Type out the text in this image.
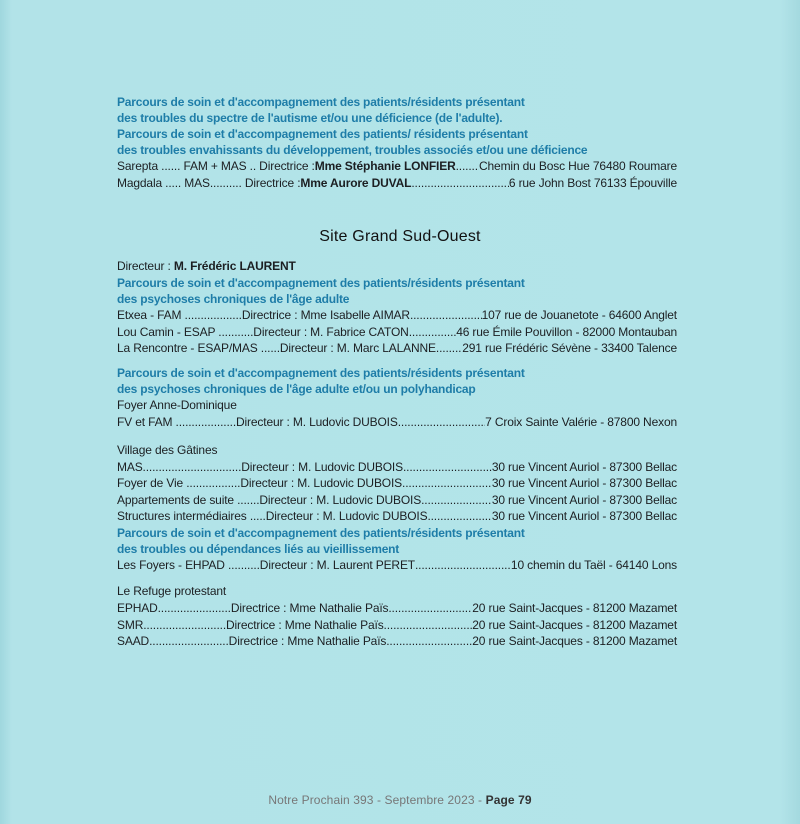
Parcours de soin et d'accompagnement des patients/résidents présentant

des troubles du spectre de l'autisme et/ou une déficience (de l'adulte).

Parcours de soin et d'accompagnement des patients/ résidents présentant

des troubles envahissants du développement, troubles associés et/ou une déficience

Sarepta ...... FAM + MAS .. Directrice : Mme Stéphanie LONFIER ..... Chemin du Bosc Hue 76480 Roumare
Magdala ..... MAS.......... Directrice : Mme Aurore DUVAL .....	6 rue John Bost 76133 Épouville
Site Grand Sud-Ouest
Directeur : M. Frédéric LAURENT

Parcours de soin et d'accompagnement des patients/résidents présentant

des psychoses chroniques de l'âge adulte

Etxea - FAM ..................Directrice : Mme Isabelle AIMAR .....	107 rue de Jouanetote - 64600 Anglet
Lou Camin - ESAP ...........Directeur : M. Fabrice CATON .....	46 rue Émile Pouvillon - 82000 Montauban
La Rencontre - ESAP/MAS ......Directeur : M. Marc LALANNE ..... 291 rue Frédéric Sévène - 33400 Talence

Parcours de soin et d'accompagnement des patients/résidents présentant

des psychoses chroniques de l'âge adulte et/ou un polyhandicap

Foyer Anne-Dominique
FV et FAM ...................Directeur : M. Ludovic DUBOIS .....	7 Croix Sainte Valérie - 87800 Nexon
Village des Gâtines
MAS...............................Directeur : M. Ludovic DUBOIS .....	30 rue Vincent Auriol - 87300 Bellac
Foyer de Vie .................Directeur : M. Ludovic DUBOIS .....	30 rue Vincent Auriol - 87300 Bellac
Appartements de suite .......Directeur : M. Ludovic DUBOIS .....	30 rue Vincent Auriol - 87300 Bellac
Structures intermédiaires .....Directeur : M. Ludovic DUBOIS .....	30 rue Vincent Auriol - 87300 Bellac

Parcours de soin et d'accompagnement des patients/résidents présentant

des troubles ou dépendances liés au vieillissement

Les Foyers - EHPAD ..........Directeur : M. Laurent PERET .....	10 chemin du Taël - 64140 Lons
Le Refuge protestant
EPHAD.......................Directrice : Mme Nathalie Païs .....	20 rue Saint-Jacques - 81200 Mazamet
SMR..........................Directrice : Mme Nathalie Païs .....	20 rue Saint-Jacques - 81200 Mazamet
SAAD.........................Directrice : Mme Nathalie Païs .....	20 rue Saint-Jacques - 81200 Mazamet
Notre Prochain 393 - Septembre 2023 - Page 79
